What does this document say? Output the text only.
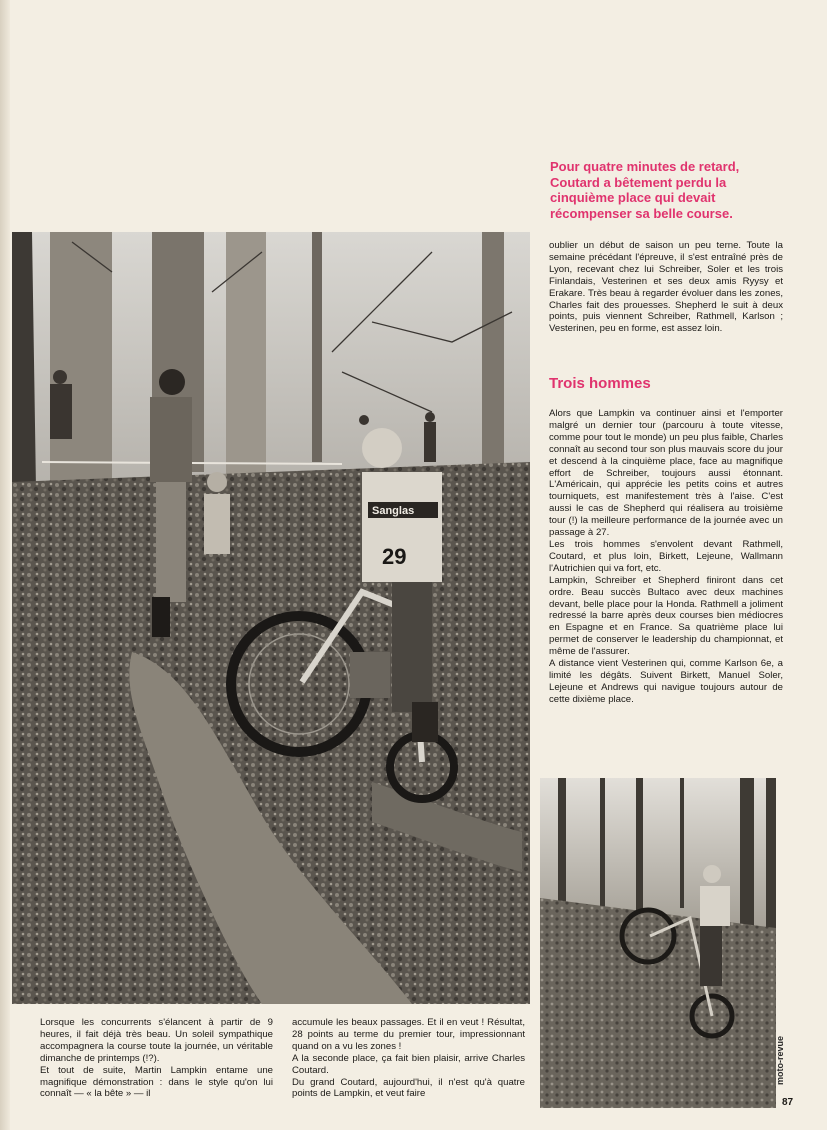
Pour quatre minutes de retard, Coutard a bêtement perdu la cinquième place qui devait récompenser sa belle course.
Sanglas
29

oublier un début de saison un peu terne. Toute la semaine précédant l'épreuve, il s'est entraîné près de Lyon, recevant chez lui Schreiber, Soler et les trois Finlandais, Vesterinen et ses deux amis Ryysy et Erakare. Très beau à regarder évoluer dans les zones, Charles fait des prouesses. Shepherd le suit à deux points, puis viennent Schreiber, Rathmell, Karlson ; Vesterinen, peu en forme, est assez loin.

Trois hommes

Alors que Lampkin va continuer ainsi et l'emporter malgré un dernier tour (parcouru à toute vitesse, comme pour tout le monde) un peu plus faible, Charles connaît au second tour son plus mauvais score du jour et descend à la cinquième place, face au magnifique effort de Schreiber, toujours aussi étonnant. L'Américain, qui apprécie les petits coins et autres tourniquets, est manifestement très à l'aise. C'est aussi le cas de Shepherd qui réalisera au troisième tour (!) la meilleure performance de la journée avec un passage à 27.

Les trois hommes s'envolent devant Rathmell, Coutard, et plus loin, Birkett, Lejeune, Wallmann l'Autrichien qui va fort, etc.

Lampkin, Schreiber et Shepherd finiront dans cet ordre. Beau succès Bultaco avec deux machines devant, belle place pour la Honda. Rathmell a joliment redressé la barre après deux courses bien médiocres en Espagne et en France. Sa quatrième place lui permet de conserver le leadership du championnat, et même de l'assurer.

A distance vient Vesterinen qui, comme Karlson 6e, a limité les dégâts. Suivent Birkett, Manuel Soler, Lejeune et Andrews qui navigue toujours autour de cette dixième place.

Lorsque les concurrents s'élancent à partir de 9 heures, il fait déjà très beau. Un soleil sympathique accompagnera la course toute la journée, un véritable dimanche de printemps (!?).

Et tout de suite, Martin Lampkin entame une magnifique démonstration : dans le style qu'on lui connaît — « la bête » — il

accumule les beaux passages. Et il en veut ! Résultat, 28 points au terme du premier tour, impressionnant quand on a vu les zones !

A la seconde place, ça fait bien plaisir, arrive Charles Coutard.

Du grand Coutard, aujourd'hui, il n'est qu'à quatre points de Lampkin, et veut faire

moto-revue
87
